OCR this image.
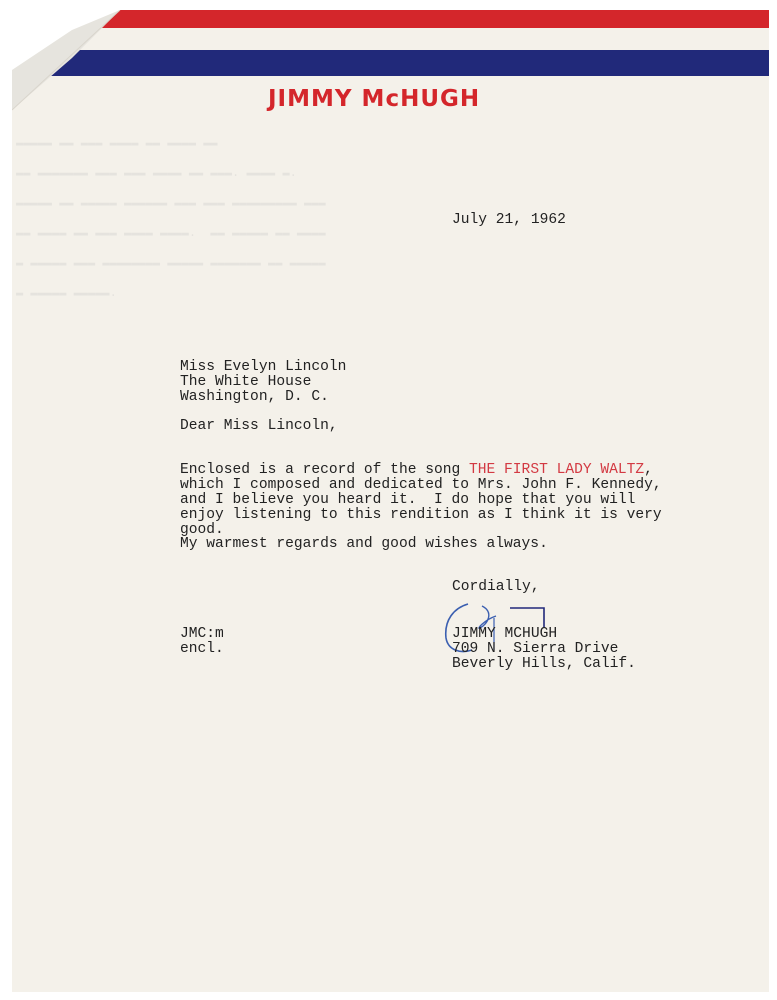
JIMMY McHUGH
▬▬▬▬▬ ▬▬ ▬▬▬ ▬▬▬▬ ▬▬ ▬▬▬▬ ▬▬
▬▬ ▬▬▬▬▬▬▬ ▬▬▬ ▬▬▬ ▬▬▬▬ ▬▬ ▬▬▬. ▬▬▬▬ ▬.
▬▬▬▬▬ ▬▬ ▬▬▬▬▬ ▬▬▬▬▬▬ ▬▬▬ ▬▬▬ ▬▬▬▬▬▬▬▬▬ ▬▬▬
▬▬ ▬▬▬▬ ▬▬ ▬▬▬ ▬▬▬▬ ▬▬▬▬.  ▬▬ ▬▬▬▬▬ ▬▬ ▬▬▬▬
▬ ▬▬▬▬▬ ▬▬▬ ▬▬▬▬▬▬▬▬ ▬▬▬▬▬ ▬▬▬▬▬▬▬ ▬▬ ▬▬▬▬▬
▬ ▬▬▬▬▬ ▬▬▬▬▬.
July 21, 1962
Miss Evelyn Lincoln
The White House
Washington, D. C.
Dear Miss Lincoln,
Enclosed is a record of the song THE FIRST LADY WALTZ,
which I composed and dedicated to Mrs. John F. Kennedy,
and I believe you heard it.  I do hope that you will
enjoy listening to this rendition as I think it is very
good.
My warmest regards and good wishes always.
Cordially,
JIMMY MCHUGH
709 N. Sierra Drive
Beverly Hills, Calif.
JMC:m
encl.
